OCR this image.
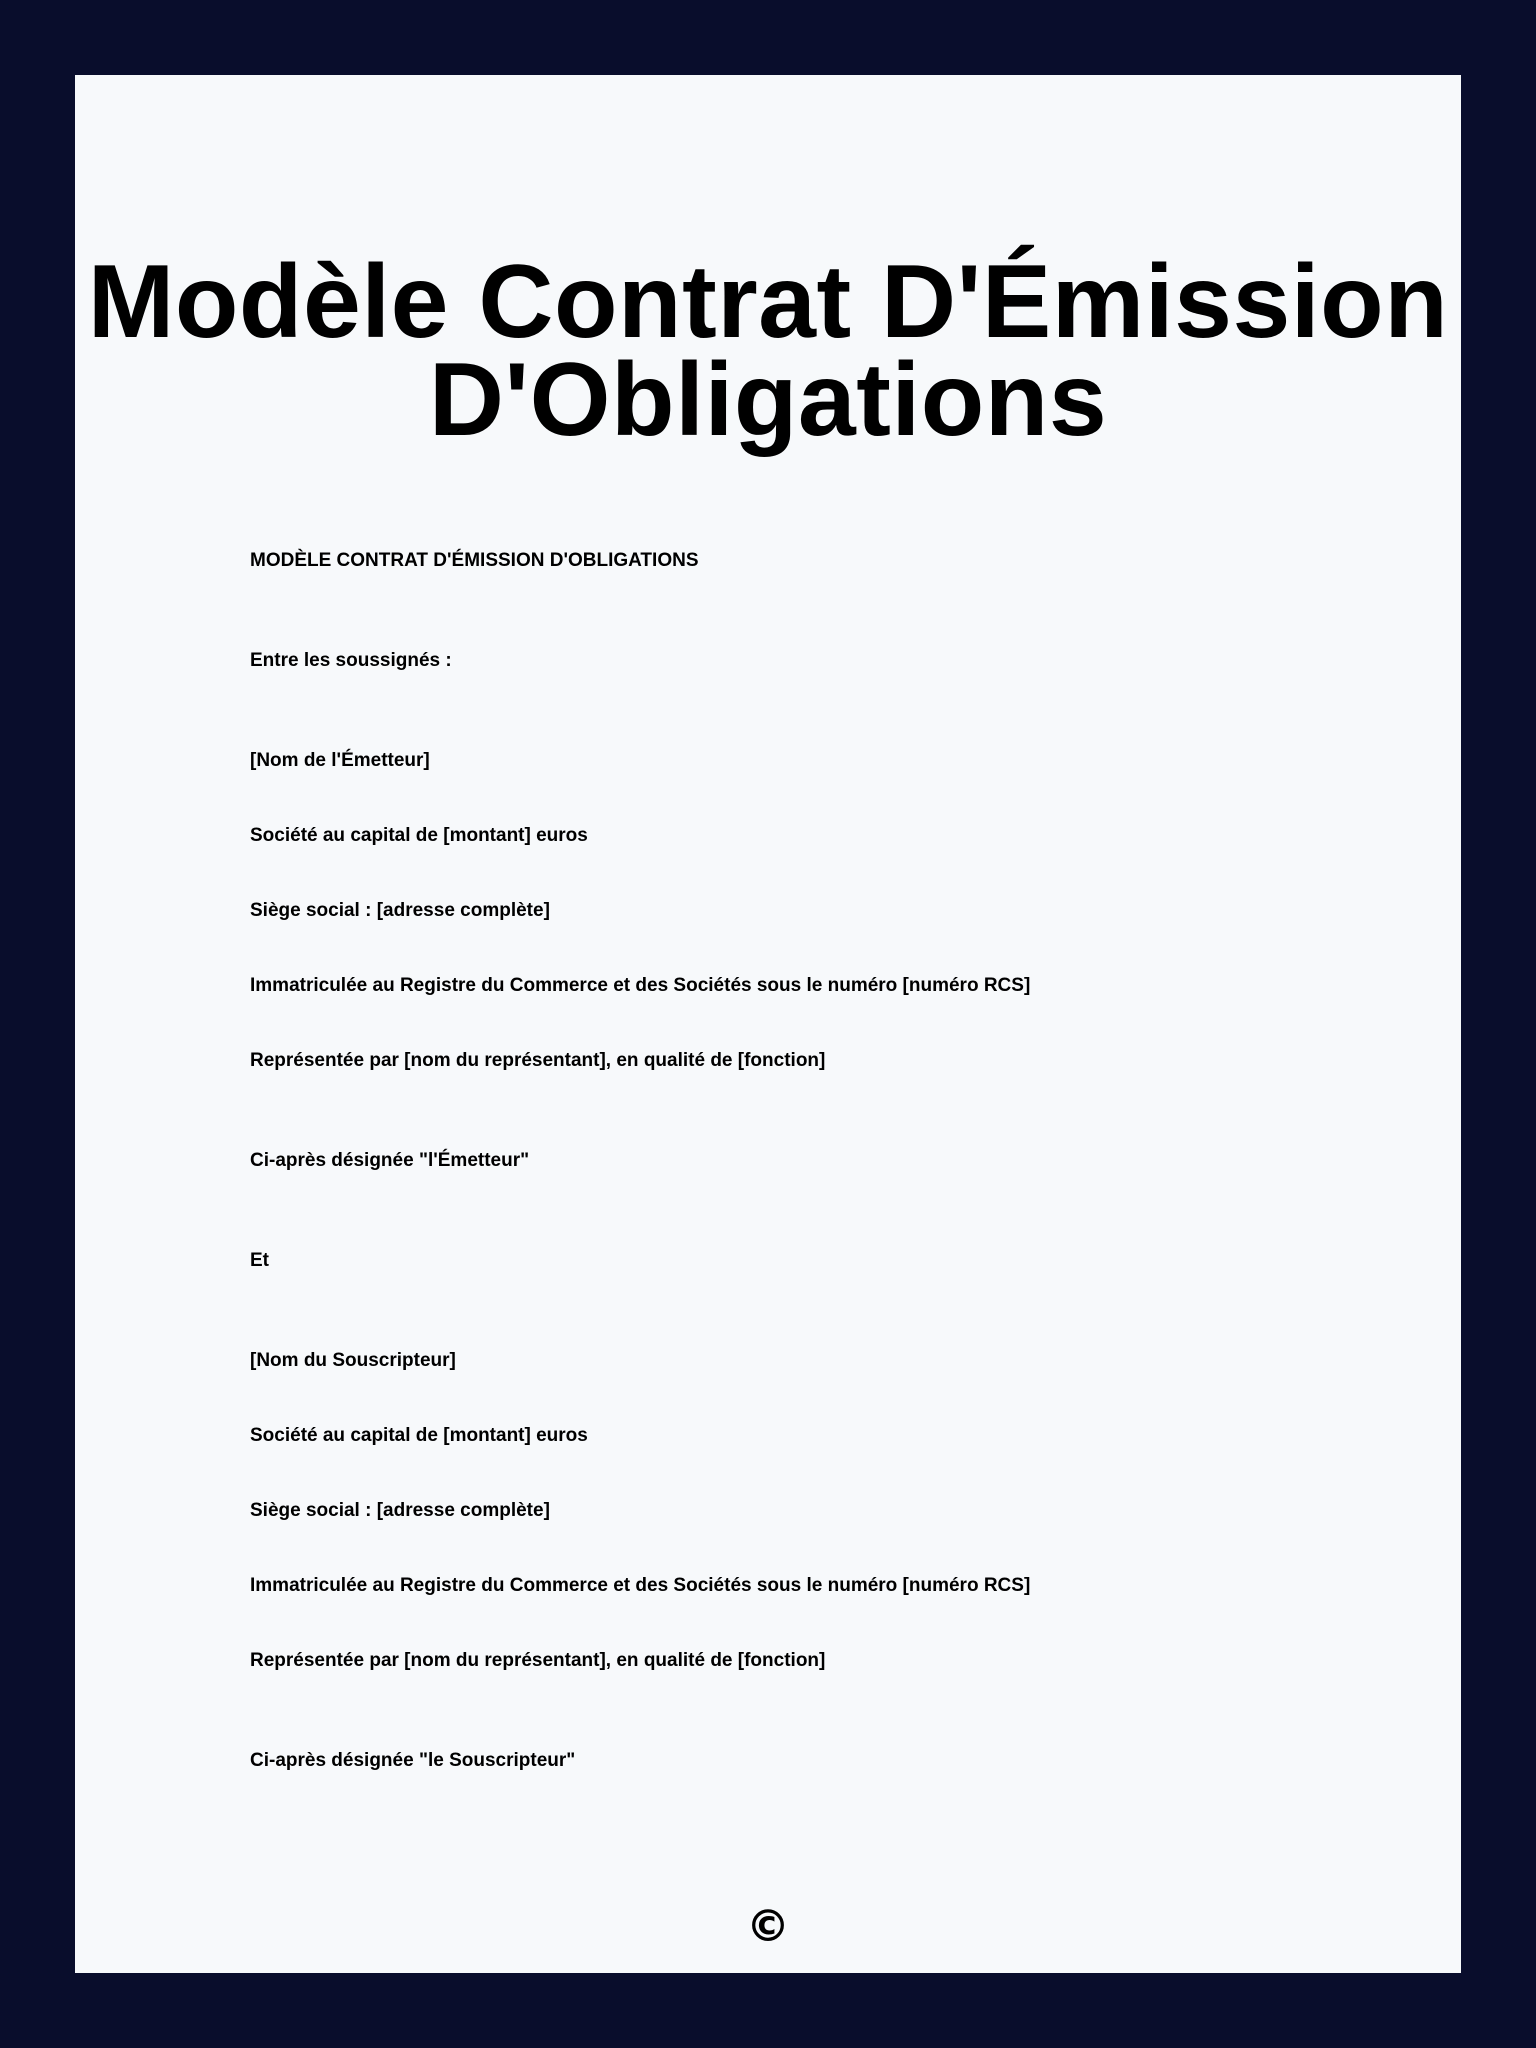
Modèle Contrat D'Émission D'Obligations

MODÈLE CONTRAT D'ÉMISSION D'OBLIGATIONS

Entre les soussignés :

[Nom de l'Émetteur]

Société au capital de [montant] euros

Siège social : [adresse complète]

Immatriculée au Registre du Commerce et des Sociétés sous le numéro [numéro RCS]

Représentée par [nom du représentant], en qualité de [fonction]

Ci-après désignée "l'Émetteur"

Et

[Nom du Souscripteur]

Société au capital de [montant] euros

Siège social : [adresse complète]

Immatriculée au Registre du Commerce et des Sociétés sous le numéro [numéro RCS]

Représentée par [nom du représentant], en qualité de [fonction]

Ci-après désignée "le Souscripteur"

©
